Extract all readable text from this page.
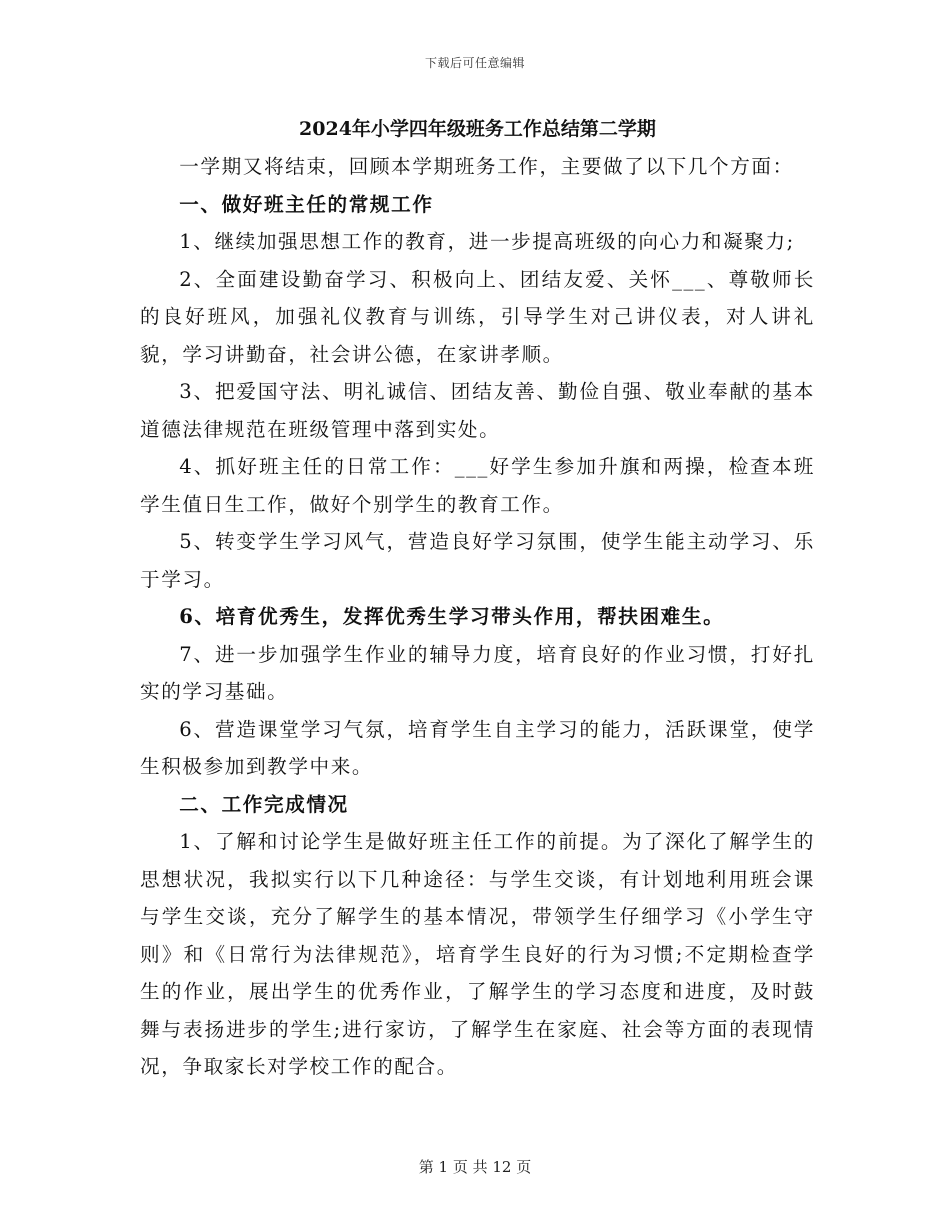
下载后可任意编辑
2024年小学四年级班务工作总结第二学期

一学期又将结束，回顾本学期班务工作，主要做了以下几个方面：

一、做好班主任的常规工作

1、继续加强思想工作的教育，进一步提高班级的向心力和凝聚力;

2、全面建设勤奋学习、积极向上、团结友爱、关怀___、尊敬师长的良好班风，加强礼仪教育与训练，引导学生对己讲仪表，对人讲礼貌，学习讲勤奋，社会讲公德，在家讲孝顺。

3、把爱国守法、明礼诚信、团结友善、勤俭自强、敬业奉献的基本道德法律规范在班级管理中落到实处。

4、抓好班主任的日常工作：___好学生参加升旗和两操，检查本班学生值日生工作，做好个别学生的教育工作。

5、转变学生学习风气，营造良好学习氛围，使学生能主动学习、乐于学习。

6、培育优秀生，发挥优秀生学习带头作用，帮扶困难生。

7、进一步加强学生作业的辅导力度，培育良好的作业习惯，打好扎实的学习基础。

6、营造课堂学习气氛，培育学生自主学习的能力，活跃课堂，使学生积极参加到教学中来。

二、工作完成情况

1、了解和讨论学生是做好班主任工作的前提。为了深化了解学生的思想状况，我拟实行以下几种途径：与学生交谈，有计划地利用班会课与学生交谈，充分了解学生的基本情况，带领学生仔细学习《小学生守则》和《日常行为法律规范》，培育学生良好的行为习惯;不定期检查学生的作业，展出学生的优秀作业，了解学生的学习态度和进度，及时鼓舞与表扬进步的学生;进行家访，了解学生在家庭、社会等方面的表现情况，争取家长对学校工作的配合。

第 1 页 共 12 页
